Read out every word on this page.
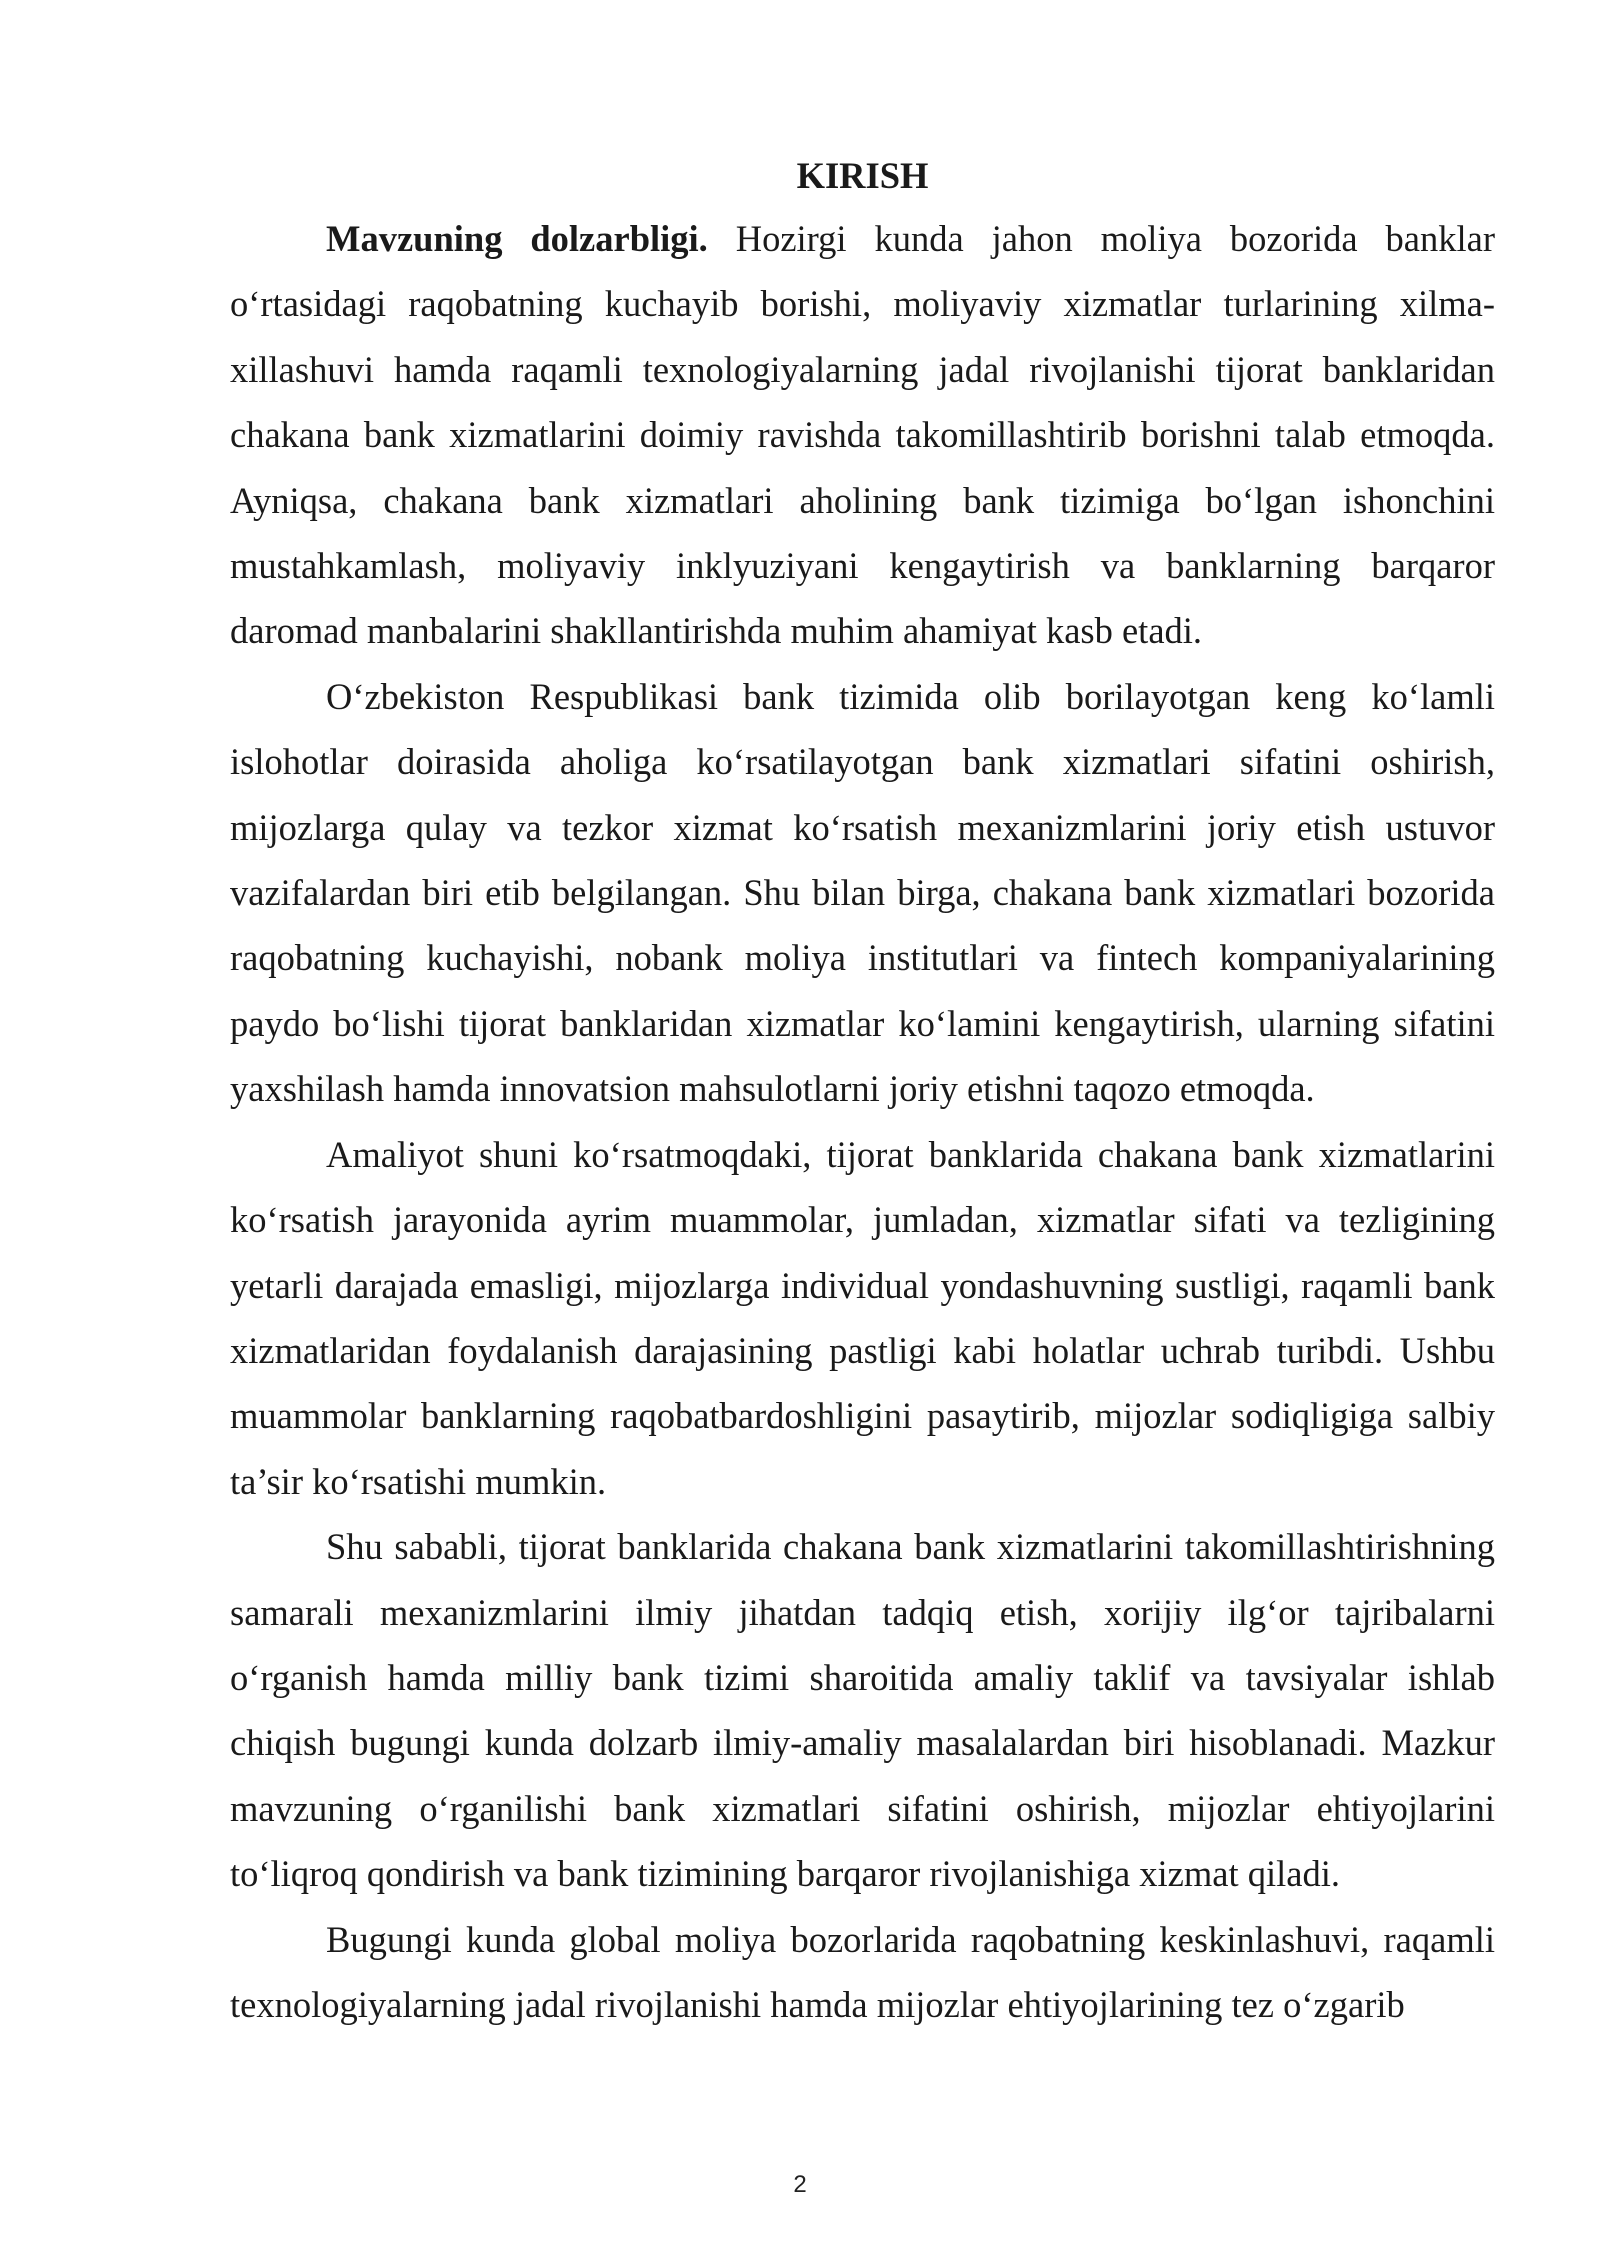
KIRISH

Mavzuning dolzarbligi. Hozirgi kunda jahon moliya bozorida banklar o‘rtasidagi raqobatning kuchayib borishi, moliyaviy xizmatlar turlarining xilma-xillashuvi hamda raqamli texnologiyalarning jadal rivojlanishi tijorat banklaridan chakana bank xizmatlarini doimiy ravishda takomillashtirib borishni talab etmoqda. Ayniqsa, chakana bank xizmatlari aholining bank tizimiga bo‘lgan ishonchini mustahkamlash, moliyaviy inklyuziyani kengaytirish va banklarning barqaror daromad manbalarini shakllantirishda muhim ahamiyat kasb etadi.

O‘zbekiston Respublikasi bank tizimida olib borilayotgan keng ko‘lamli islohotlar doirasida aholiga ko‘rsatilayotgan bank xizmatlari sifatini oshirish, mijozlarga qulay va tezkor xizmat ko‘rsatish mexanizmlarini joriy etish ustuvor vazifalardan biri etib belgilangan. Shu bilan birga, chakana bank xizmatlari bozorida raqobatning kuchayishi, nobank moliya institutlari va fintech kompaniyalarining paydo bo‘lishi tijorat banklaridan xizmatlar ko‘lamini kengaytirish, ularning sifatini yaxshilash hamda innovatsion mahsulotlarni joriy etishni taqozo etmoqda.

Amaliyot shuni ko‘rsatmoqdaki, tijorat banklarida chakana bank xizmatlarini ko‘rsatish jarayonida ayrim muammolar, jumladan, xizmatlar sifati va tezligining yetarli darajada emasligi, mijozlarga individual yondashuvning sustligi, raqamli bank xizmatlaridan foydalanish darajasining pastligi kabi holatlar uchrab turibdi. Ushbu muammolar banklarning raqobatbardoshligini pasaytirib, mijozlar sodiqligiga salbiy ta’sir ko‘rsatishi mumkin.

Shu sababli, tijorat banklarida chakana bank xizmatlarini takomillashtirishning samarali mexanizmlarini ilmiy jihatdan tadqiq etish, xorijiy ilg‘or tajribalarni o‘rganish hamda milliy bank tizimi sharoitida amaliy taklif va tavsiyalar ishlab chiqish bugungi kunda dolzarb ilmiy-amaliy masalalardan biri hisoblanadi. Mazkur mavzuning o‘rganilishi bank xizmatlari sifatini oshirish, mijozlar ehtiyojlarini to‘liqroq qondirish va bank tizimining barqaror rivojlanishiga xizmat qiladi.

Bugungi kunda global moliya bozorlarida raqobatning keskinlashuvi, raqamli texnologiyalarning jadal rivojlanishi hamda mijozlar ehtiyojlarining tez o‘zgarib

2
